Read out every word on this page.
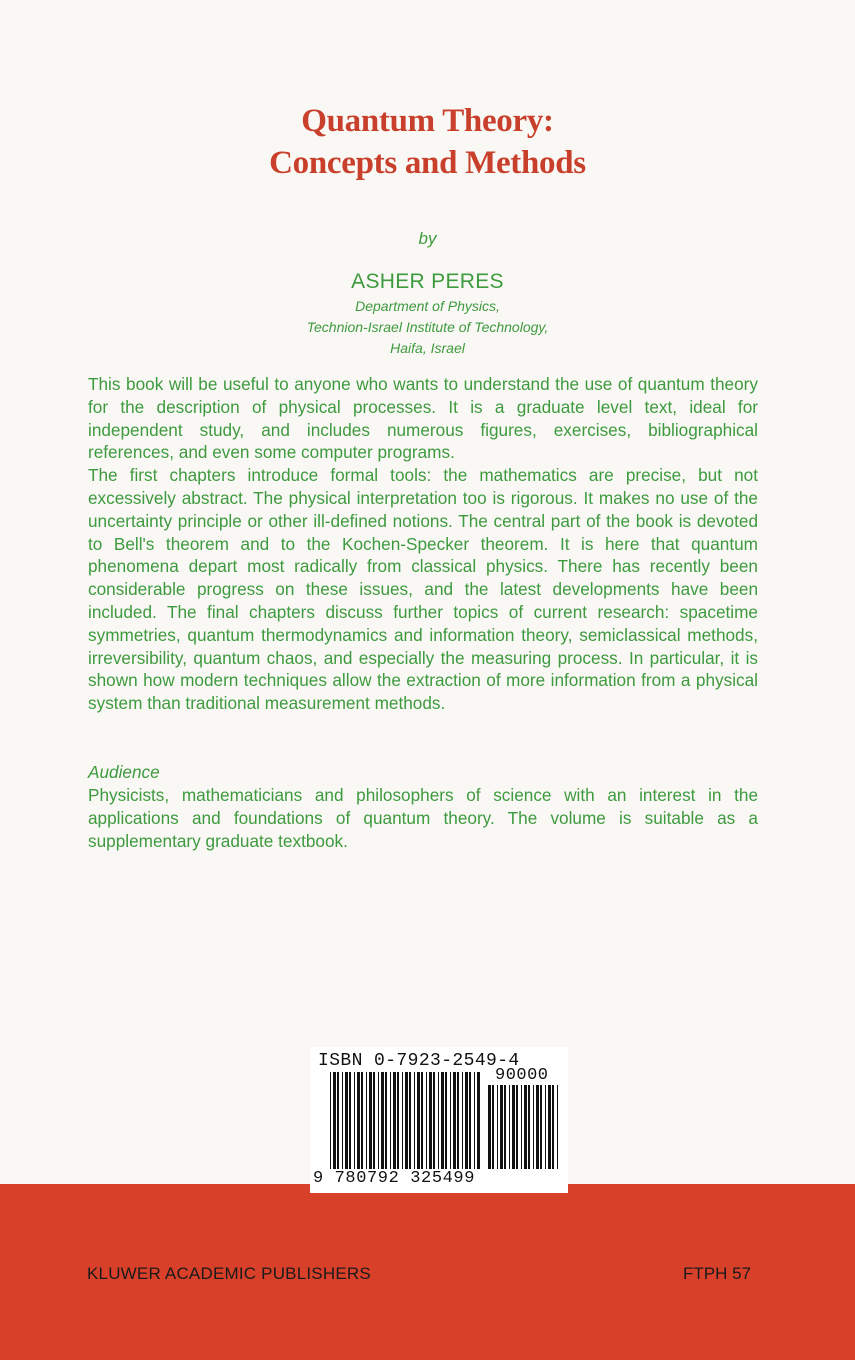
Quantum Theory:
Concepts and Methods
by
ASHER PERES
Department of Physics,
Technion-Israel Institute of Technology,
Haifa, Israel

This book will be useful to anyone who wants to understand the use of quantum theory for the description of physical processes. It is a graduate level text, ideal for independent study, and includes numerous figures, exercises, bibliographical references, and even some computer programs.

The first chapters introduce formal tools: the mathematics are precise, but not excessively abstract. The physical interpretation too is rigorous. It makes no use of the uncertainty principle or other ill-defined notions. The central part of the book is devoted to Bell's theorem and to the Kochen-Specker theorem. It is here that quantum phenomena depart most radically from classical physics. There has recently been considerable progress on these issues, and the latest developments have been included. The final chapters discuss further topics of current research: spacetime symmetries, quantum thermodynamics and information theory, semiclassical methods, irreversibility, quantum chaos, and especially the measuring process. In particular, it is shown how modern techniques allow the extraction of more information from a physical system than traditional measurement methods.

Audience
Physicists, mathematicians and philosophers of science with an interest in the applications and foundations of quantum theory. The volume is suitable as a supplementary graduate textbook.
ISBN 0-7923-2549-4
90000
9 780792 325499
KLUWER ACADEMIC PUBLISHERS	FTPH 57
